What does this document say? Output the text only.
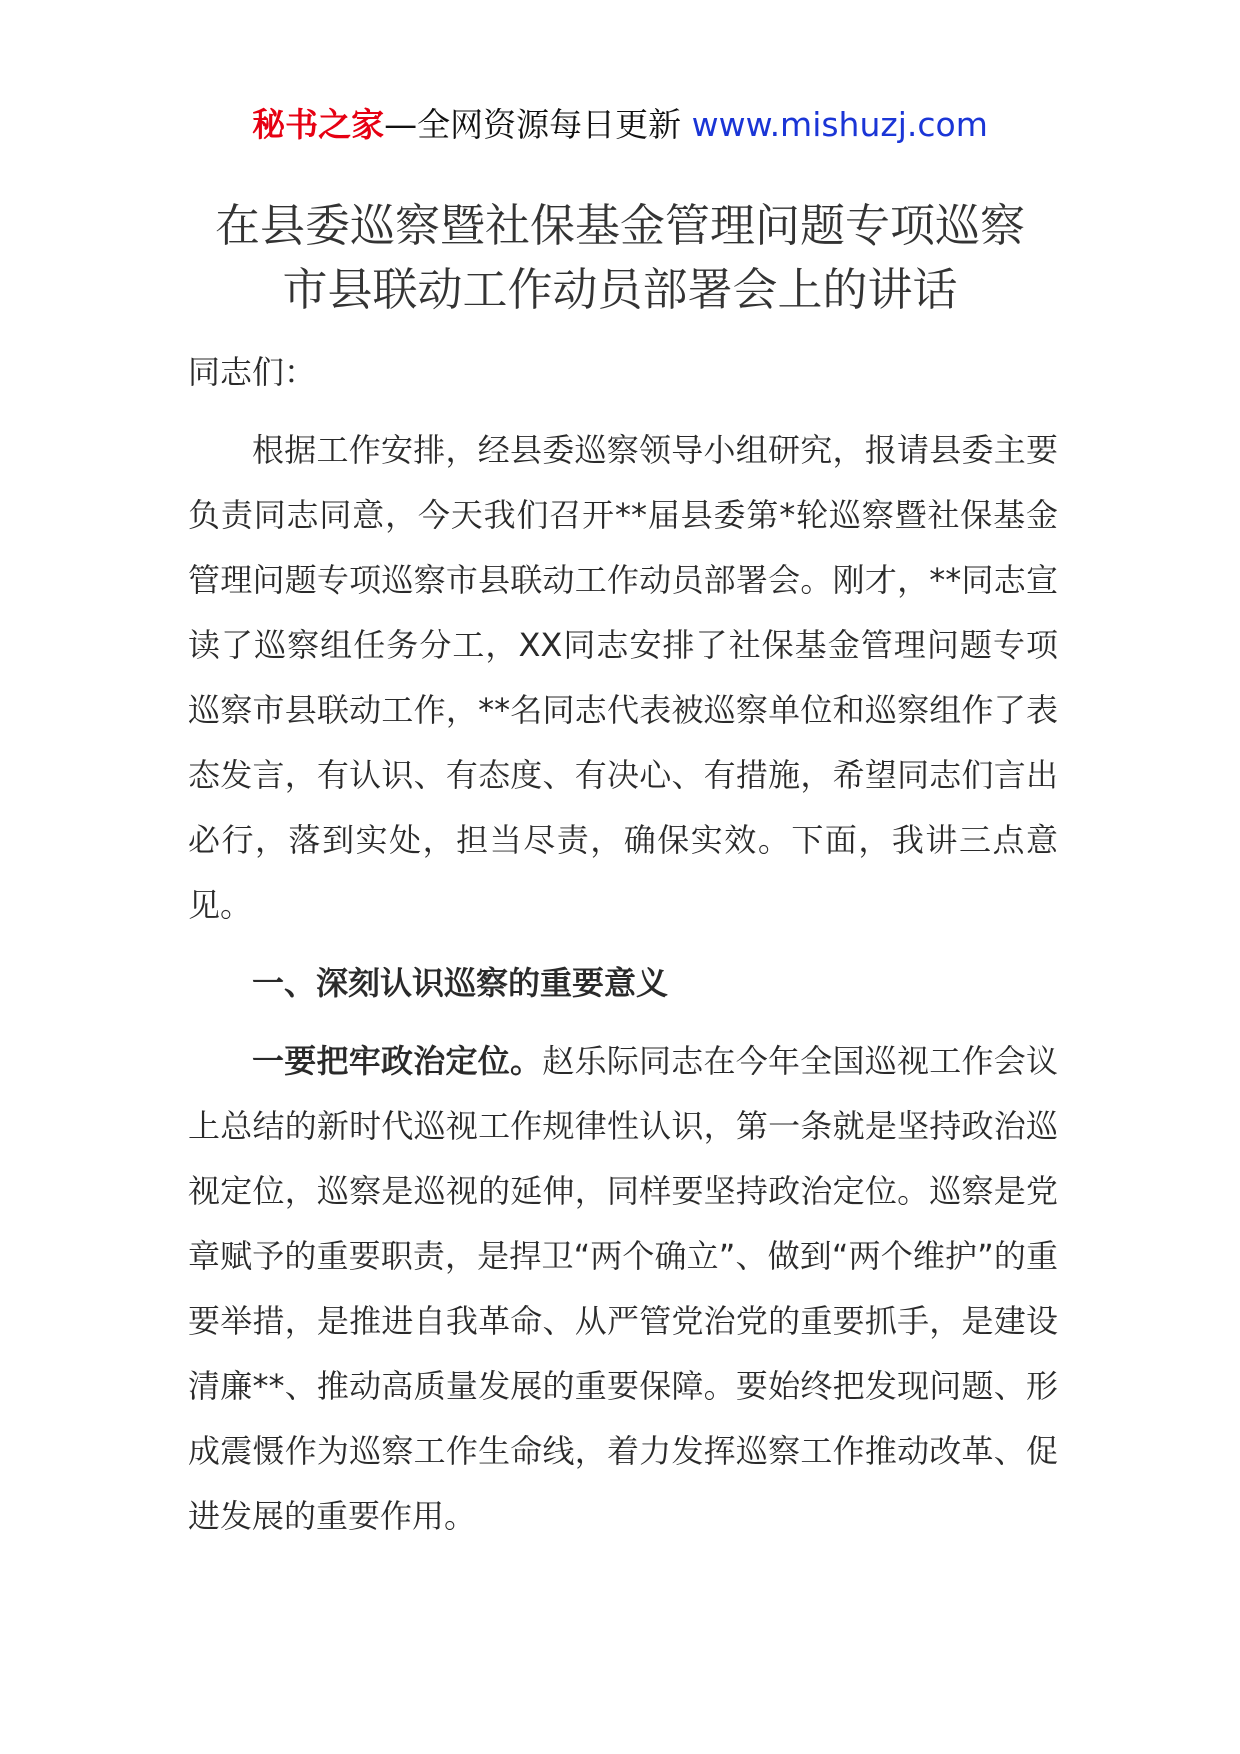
秘书之家—全网资源每日更新 www.mishuzj.com
在县委巡察暨社保基金管理问题专项巡察
市县联动工作动员部署会上的讲话

同志们：

根据工作安排，经县委巡察领导小组研究，报请县委主要负责同志同意，今天我们召开**届县委第*轮巡察暨社保基金管理问题专项巡察市县联动工作动员部署会。刚才，**同志宣读了巡察组任务分工，XX同志安排了社保基金管理问题专项巡察市县联动工作，**名同志代表被巡察单位和巡察组作了表态发言，有认识、有态度、有决心、有措施，希望同志们言出必行，落到实处，担当尽责，确保实效。下面，我讲三点意见。

一、深刻认识巡察的重要意义

一要把牢政治定位。赵乐际同志在今年全国巡视工作会议上总结的新时代巡视工作规律性认识，第一条就是坚持政治巡视定位，巡察是巡视的延伸，同样要坚持政治定位。巡察是党章赋予的重要职责，是捍卫“两个确立”、做到“两个维护”的重要举措，是推进自我革命、从严管党治党的重要抓手，是建设清廉**、推动高质量发展的重要保障。要始终把发现问题、形成震慑作为巡察工作生命线，着力发挥巡察工作推动改革、促进发展的重要作用。
